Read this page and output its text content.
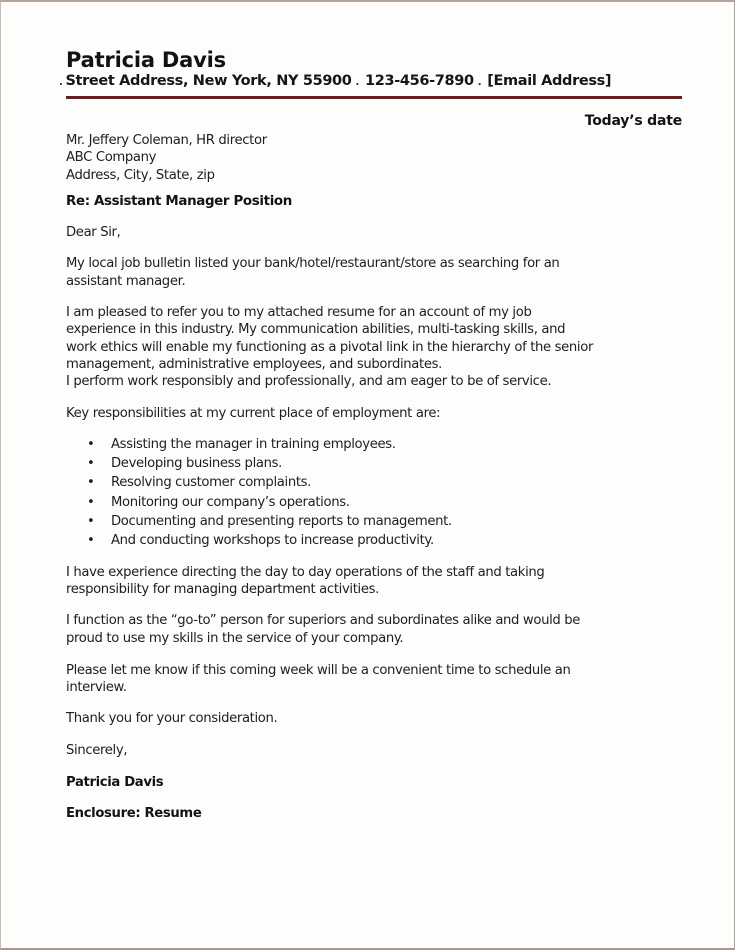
Patricia Davis
. Street Address, New York, NY 55900 . 123-456-7890 . [Email Address]
Today’s date
Mr. Jeffery Coleman, HR director
ABC Company
Address, City, State, zip
Re: Assistant Manager Position
Dear Sir,
My local job bulletin listed your bank/hotel/restaurant/store as searching for an
assistant manager.
I am pleased to refer you to my attached resume for an account of my job
experience in this industry. My communication abilities, multi-tasking skills, and
work ethics will enable my functioning as a pivotal link in the hierarchy of the senior
management, administrative employees, and subordinates.
I perform work responsibly and professionally, and am eager to be of service.
Key responsibilities at my current place of employment are:
• Assisting the manager in training employees.
• Developing business plans.
• Resolving customer complaints.
• Monitoring our company’s operations.
• Documenting and presenting reports to management.
• And conducting workshops to increase productivity.
I have experience directing the day to day operations of the staff and taking
responsibility for managing department activities.
I function as the “go-to” person for superiors and subordinates alike and would be
proud to use my skills in the service of your company.
Please let me know if this coming week will be a convenient time to schedule an
interview.
Thank you for your consideration.
Sincerely,
Patricia Davis
Enclosure: Resume
